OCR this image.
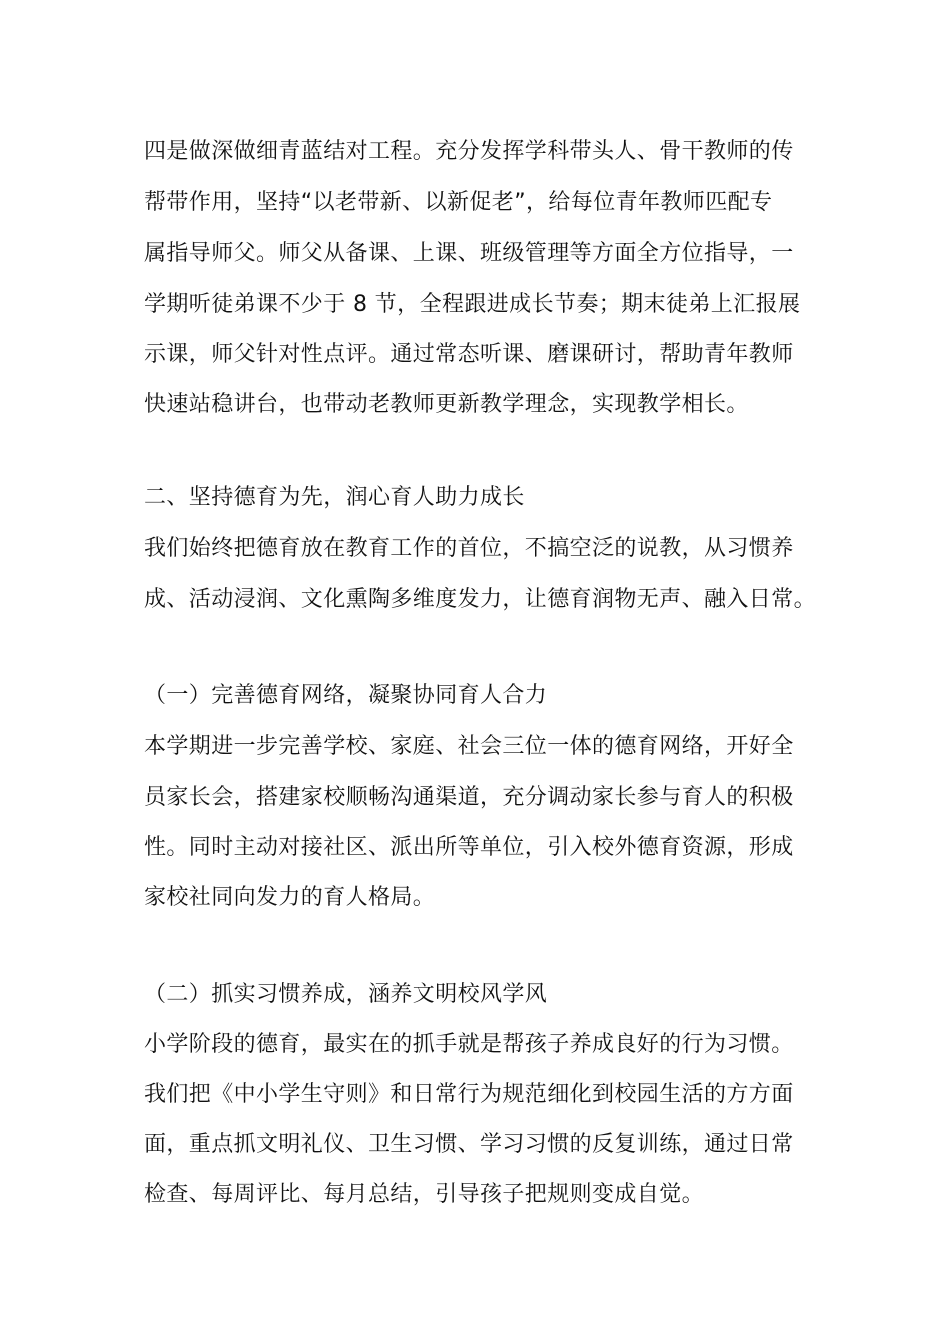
四是做深做细青蓝结对工程。充分发挥学科带头人、骨干教师的传
帮带作用，坚持“以老带新、以新促老”，给每位青年教师匹配专
属指导师父。师父从备课、上课、班级管理等方面全方位指导，一
学期听徒弟课不少于 8 节，全程跟进成长节奏；期末徒弟上汇报展
示课，师父针对性点评。通过常态听课、磨课研讨，帮助青年教师
快速站稳讲台，也带动老教师更新教学理念，实现教学相长。
二、坚持德育为先，润心育人助力成长
我们始终把德育放在教育工作的首位，不搞空泛的说教，从习惯养
成、活动浸润、文化熏陶多维度发力，让德育润物无声、融入日常。
（一）完善德育网络，凝聚协同育人合力
本学期进一步完善学校、家庭、社会三位一体的德育网络，开好全
员家长会，搭建家校顺畅沟通渠道，充分调动家长参与育人的积极
性。同时主动对接社区、派出所等单位，引入校外德育资源，形成
家校社同向发力的育人格局。
（二）抓实习惯养成，涵养文明校风学风
小学阶段的德育，最实在的抓手就是帮孩子养成良好的行为习惯。
我们把《中小学生守则》和日常行为规范细化到校园生活的方方面
面，重点抓文明礼仪、卫生习惯、学习习惯的反复训练，通过日常
检查、每周评比、每月总结，引导孩子把规则变成自觉。
